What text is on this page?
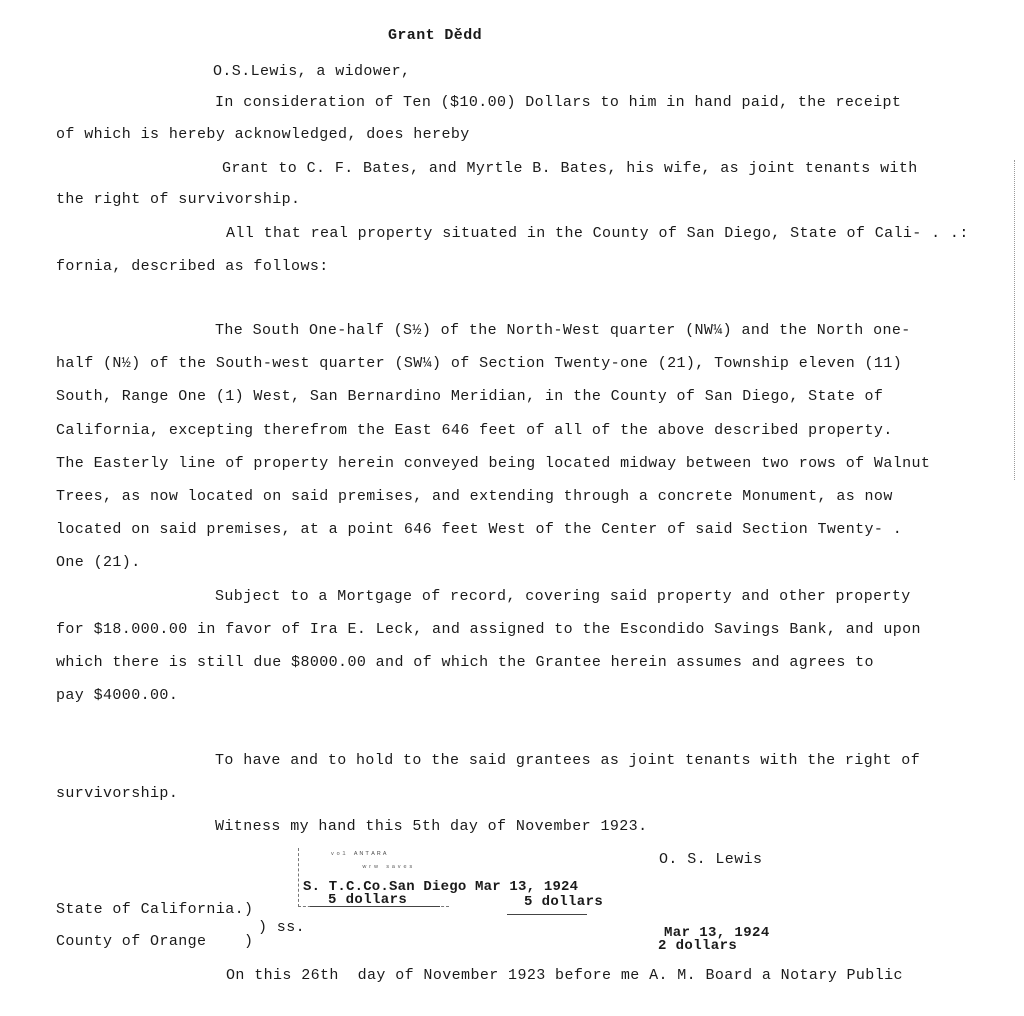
Grant Dědd
O.S.Lewis, a widower,
In consideration of Ten ($10.00) Dollars to him in hand paid, the receipt
of which is hereby acknowledged, does hereby
Grant to C. F. Bates, and Myrtle B. Bates, his wife, as joint tenants with
the right of survivorship.
All that real property situated in the County of San Diego, State of Cali- . .:
fornia, described as follows:
The South One-half (S½) of the North-West quarter (NW¼) and the North one-
half (N½) of the South-west quarter (SW¼) of Section Twenty-one (21), Township eleven (11)
South, Range One (1) West, San Bernardino Meridian, in the County of San Diego, State of
California, excepting therefrom the East 646 feet of all of the above described property.
The Easterly line of property herein conveyed being located midway between two rows of Walnut
Trees, as now located on said premises, and extending through a concrete Monument, as now
located on said premises, at a point 646 feet West of the Center of said Section Twenty- .
One (21).
Subject to a Mortgage of record, covering said property and other property
for $18.000.00 in favor of Ira E. Leck, and assigned to the Escondido Savings Bank, and upon
which there is still due $8000.00 and of which the Grantee herein assumes and agrees to
pay $4000.00.
To have and to hold to the said grantees as joint tenants with the right of
survivorship.
Witness my hand this 5th day of November 1923.
O. S. Lewis
ᵛᵒˡ ᴬᴺᵀᴬᴿᴬ
ʷʳʷ ˢᵃᵛᵉˢ
S. T.C.Co.San Diego Mar 13, 1924
5 dollars	5 dollars
State of California.)
) ss.
County of Orange    )	Mar 13, 1924
2 dollars
On this 26th  day of November 1923 before me A. M. Board a Notary Public
